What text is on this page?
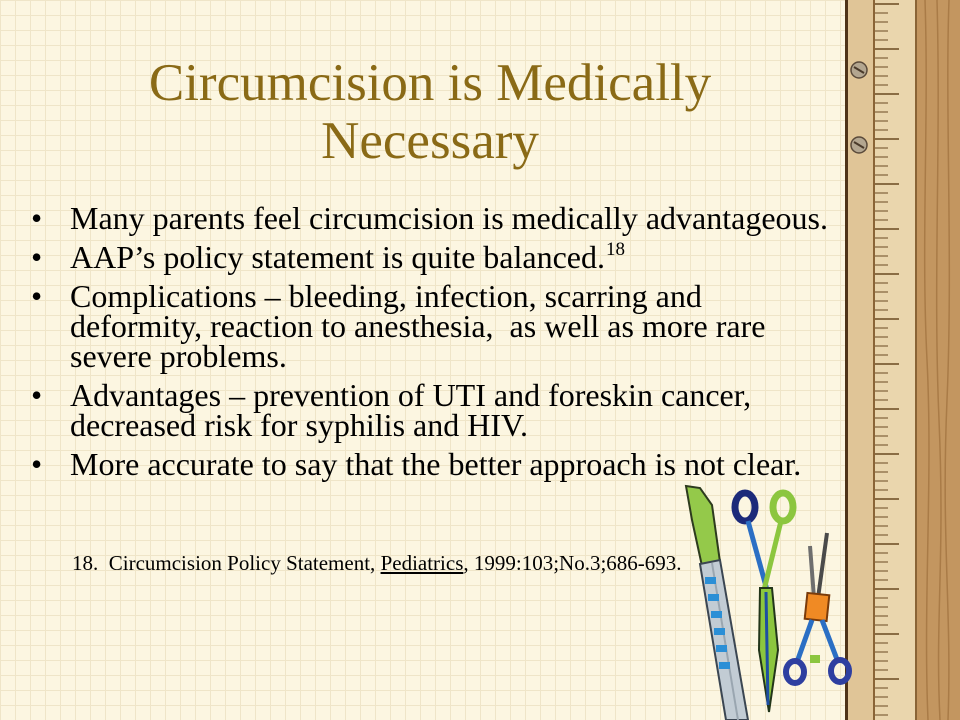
Circumcision is Medically
Necessary
• Many parents feel circumcision is medically advantageous.
• AAP’s policy statement is quite balanced.$^{18}$
• Complications – bleeding, infection, scarring and
deformity, reaction to anesthesia,  as well as more rare
severe problems.
• Advantages – prevention of UTI and foreskin cancer,
decreased risk for syphilis and HIV.
• More accurate to say that the better approach is not clear.
18.  Circumcision Policy Statement, Pediatrics, 1999:103;No.3;686-693.
